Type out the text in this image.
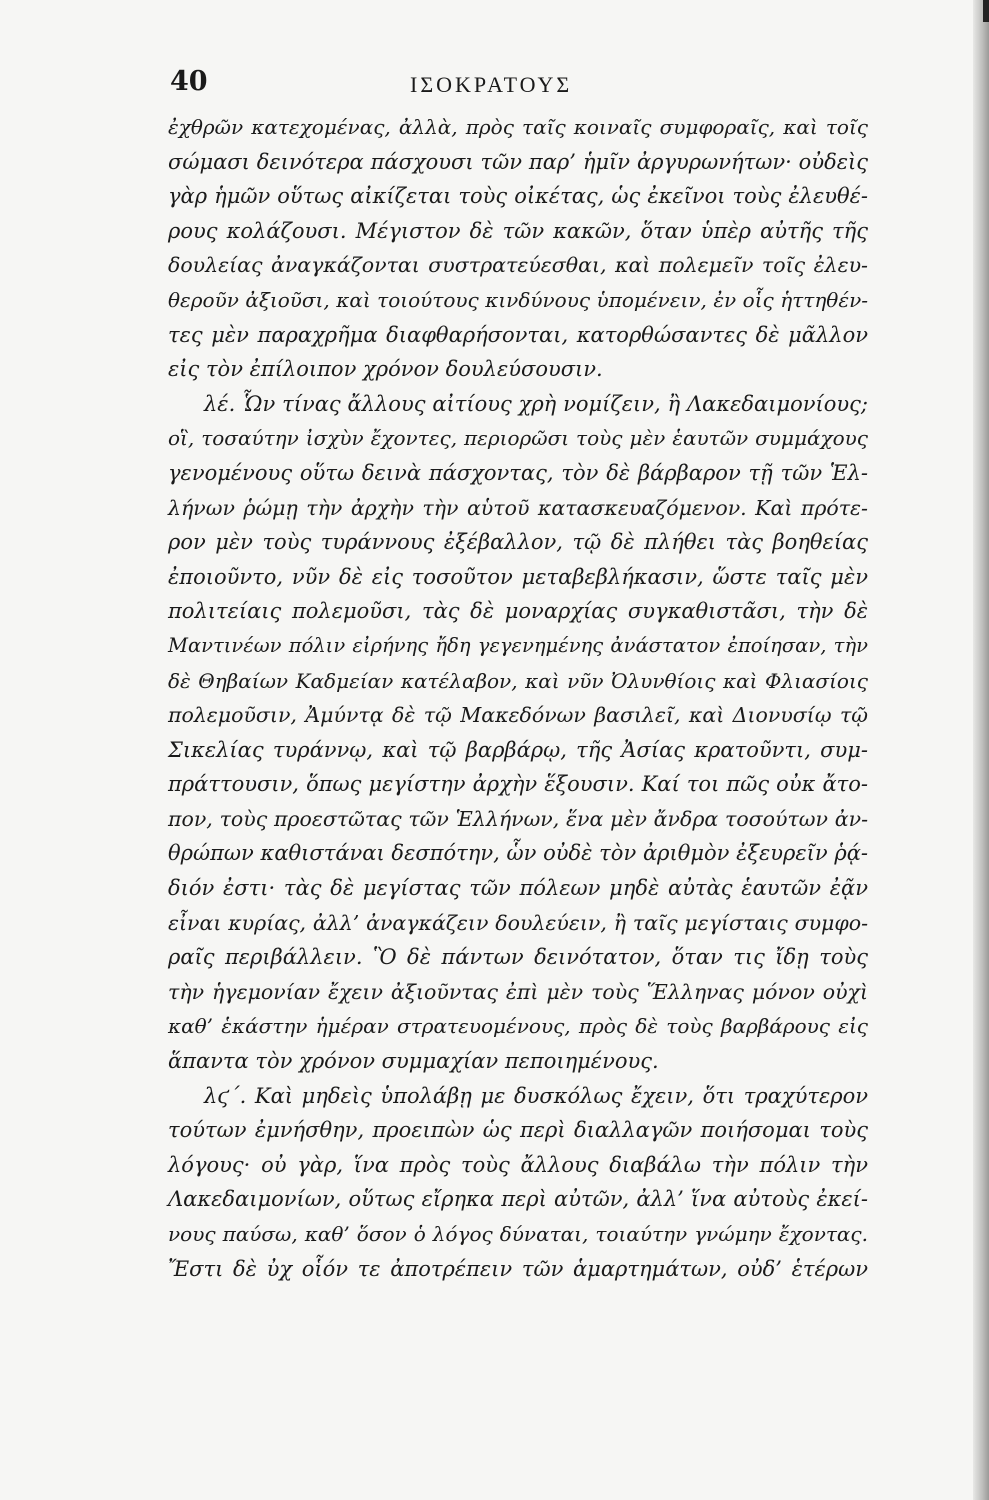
40	ΙΣΟΚΡΑΤΟΥΣ
ἐχθρῶν κατεχομένας, ἀλλὰ, πρὸς ταῖς κοιναῖς συμφοραῖς, καὶ τοῖς
σώμασι δεινότερα πάσχουσι τῶν παρ’ ἡμῖν ἀργυρωνήτων· οὐδεὶς
γὰρ ἡμῶν οὕτως αἰκίζεται τοὺς οἰκέτας, ὡς ἐκεῖνοι τοὺς ἐλευθέ-
ρους κολάζουσι. Μέγιστον δὲ τῶν κακῶν, ὅταν ὑπὲρ αὐτῆς τῆς
δουλείας ἀναγκάζονται συστρατεύεσθαι, καὶ πολεμεῖν τοῖς ἐλευ-
θεροῦν ἀξιοῦσι, καὶ τοιούτους κινδύνους ὑπομένειν, ἐν οἷς ἡττηθέν-
τες μὲν παραχρῆμα διαφθαρήσονται, κατορθώσαντες δὲ μᾶλλον
εἰς τὸν ἐπίλοιπον χρόνον δουλεύσουσιν.
λέ. Ὧν τίνας ἄλλους αἰτίους χρὴ νομίζειν, ἢ Λακεδαιμονίους;
οἳ, τοσαύτην ἰσχὺν ἔχοντες, περιορῶσι τοὺς μὲν ἑαυτῶν συμμάχους
γενομένους οὕτω δεινὰ πάσχοντας, τὸν δὲ βάρβαρον τῇ τῶν Ἑλ-
λήνων ῥώμῃ τὴν ἀρχὴν τὴν αὑτοῦ κατασκευαζόμενον. Καὶ πρότε-
ρον μὲν τοὺς τυράννους ἐξέβαλλον, τῷ δὲ πλήθει τὰς βοηθείας
ἐποιοῦντο, νῦν δὲ εἰς τοσοῦτον μεταβεβλήκασιν, ὥστε ταῖς μὲν
πολιτείαις πολεμοῦσι, τὰς δὲ μοναρχίας συγκαθιστᾶσι, τὴν δὲ
Μαντινέων πόλιν εἰρήνης ἤδη γεγενημένης ἀνάστατον ἐποίησαν, τὴν
δὲ Θηβαίων Καδμείαν κατέλαβον, καὶ νῦν Ὀλυνθίοις καὶ Φλιασίοις
πολεμοῦσιν, Ἀμύντᾳ δὲ τῷ Μακεδόνων βασιλεῖ, καὶ Διονυσίῳ τῷ
Σικελίας τυράννῳ, καὶ τῷ βαρβάρῳ, τῆς Ἀσίας κρατοῦντι, συμ-
πράττουσιν, ὅπως μεγίστην ἀρχὴν ἕξουσιν. Καί τοι πῶς οὐκ ἄτο-
πον, τοὺς προεστῶτας τῶν Ἑλλήνων, ἕνα μὲν ἄνδρα τοσούτων ἀν-
θρώπων καθιστάναι δεσπότην, ὧν οὐδὲ τὸν ἀριθμὸν ἐξευρεῖν ῥᾴ-
διόν ἐστι· τὰς δὲ μεγίστας τῶν πόλεων μηδὲ αὐτὰς ἑαυτῶν ἐᾷν
εἶναι κυρίας, ἀλλ’ ἀναγκάζειν δουλεύειν, ἢ ταῖς μεγίσταις συμφο-
ραῖς περιβάλλειν. Ὃ δὲ πάντων δεινότατον, ὅταν τις ἴδῃ τοὺς
τὴν ἡγεμονίαν ἔχειν ἀξιοῦντας ἐπὶ μὲν τοὺς Ἕλληνας μόνον οὐχὶ
καθ’ ἑκάστην ἡμέραν στρατευομένους, πρὸς δὲ τοὺς βαρβάρους εἰς
ἅπαντα τὸν χρόνον συμμαχίαν πεποιημένους.
λϛ΄. Καὶ μηδεὶς ὑπολάβῃ με δυσκόλως ἔχειν, ὅτι τραχύτερον
τούτων ἐμνήσθην, προειπὼν ὡς περὶ διαλλαγῶν ποιήσομαι τοὺς
λόγους· οὐ γὰρ, ἵνα πρὸς τοὺς ἄλλους διαβάλω τὴν πόλιν τὴν
Λακεδαιμονίων, οὕτως εἴρηκα περὶ αὐτῶν, ἀλλ’ ἵνα αὐτοὺς ἐκεί-
νους παύσω, καθ’ ὅσον ὁ λόγος δύναται, τοιαύτην γνώμην ἔχοντας.
Ἔστι δὲ ὐχ οἷόν τε ἀποτρέπειν τῶν ἁμαρτημάτων, οὐδ’ ἑτέρων
